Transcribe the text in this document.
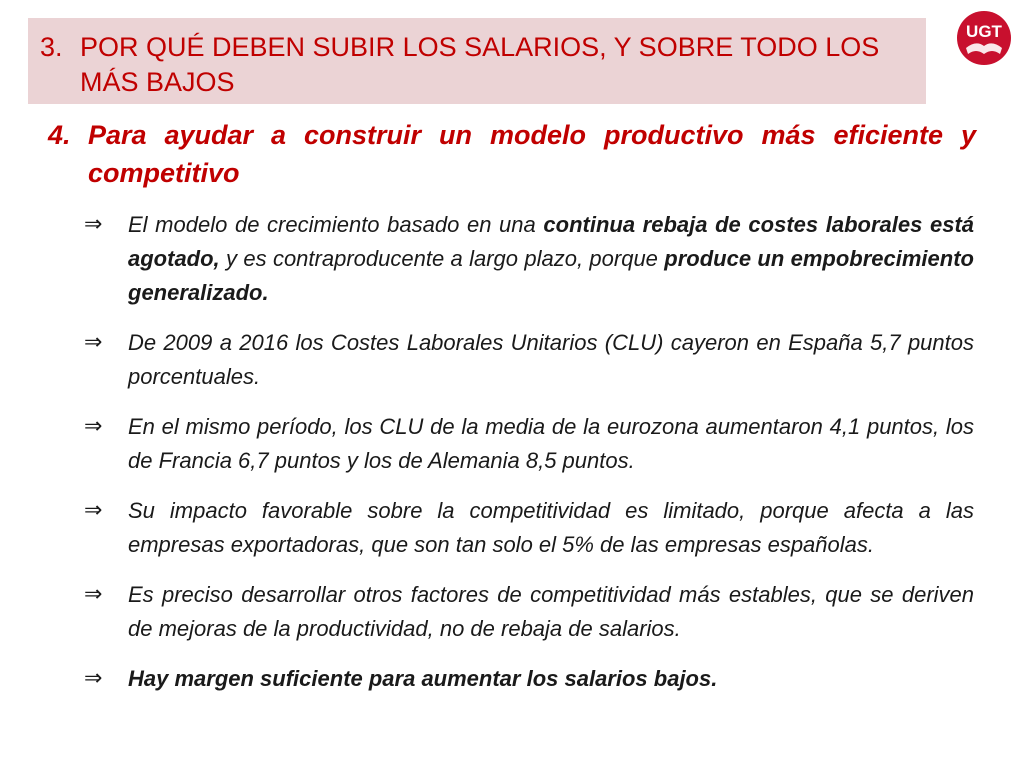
3. POR QUÉ DEBEN SUBIR LOS SALARIOS, Y SOBRE TODO LOS
MÁS BAJOS
UGT
4. Para ayudar a construir un modelo productivo más eficiente y
competitivo
⇒ El modelo de crecimiento basado en una continua rebaja de costes laborales está agotado, y es contraproducente a largo plazo, porque produce un empobrecimiento generalizado.
⇒ De 2009 a 2016 los Costes Laborales Unitarios (CLU) cayeron en España 5,7 puntos porcentuales.
⇒ En el mismo período, los CLU de la media de la eurozona aumentaron 4,1 puntos, los de Francia 6,7 puntos y los de Alemania 8,5 puntos.
⇒ Su impacto favorable sobre la competitividad es limitado, porque afecta a las empresas exportadoras, que son tan solo el 5% de las empresas españolas.
⇒ Es preciso desarrollar otros factores de competitividad más estables, que se deriven de mejoras de la productividad, no de rebaja de salarios.
⇒ Hay margen suficiente para aumentar los salarios bajos.
